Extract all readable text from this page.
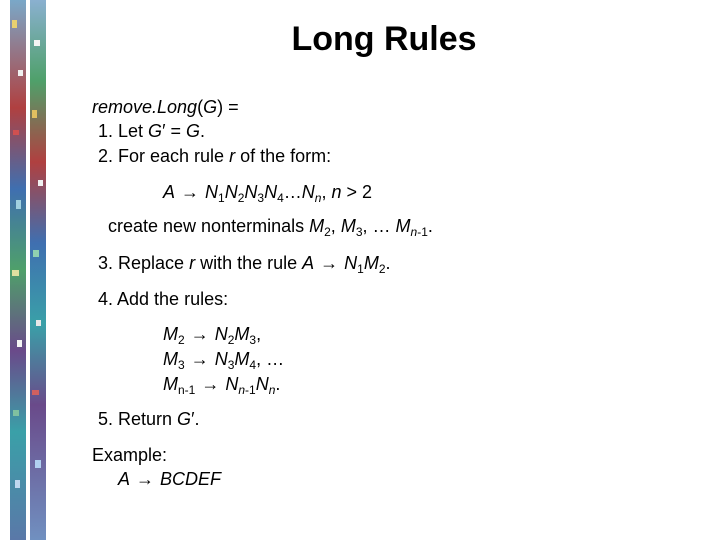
Long Rules
remove.Long(G) =
1. Let G′ = G.
2. For each rule r of the form:
$A \to N_1N_2N_3N_4\dots N_n$, n > 2
create new nonterminals $M_2$, $M_3$, … $M_{n-1}$.
3. Replace r with the rule $A \to N_1M_2$.
4. Add the rules:
$M_2 \to N_2M_3$,
$M_3 \to N_3M_4$, …
$M_{n-1} \to N_{n-1}N_n$.
5. Return G′.
Example:
A → BCDEF
